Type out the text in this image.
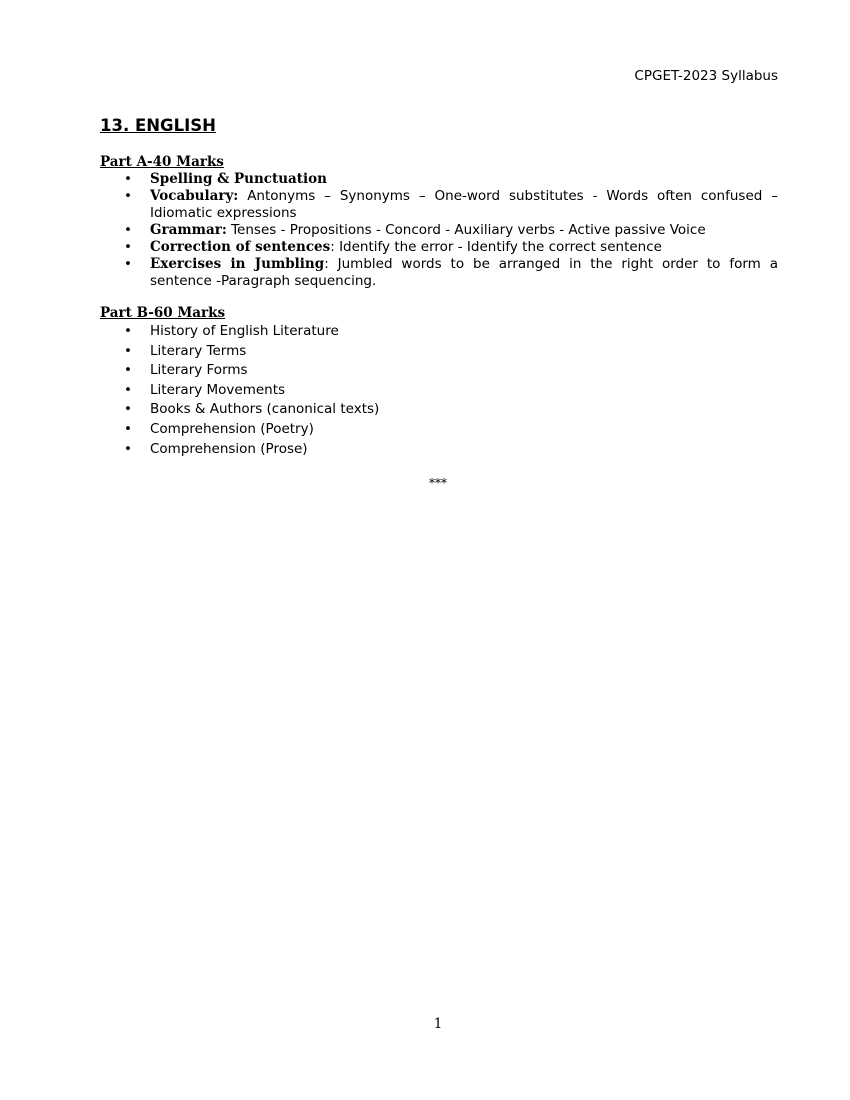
CPGET-2023 Syllabus
13. ENGLISH

Part A-40 Marks

• Spelling & Punctuation
• Vocabulary: Antonyms – Synonyms – One-word substitutes - Words often confused – Idiomatic expressions
• Grammar: Tenses - Propositions - Concord - Auxiliary verbs - Active passive Voice
• Correction of sentences: Identify the error - Identify the correct sentence
• Exercises in Jumbling: Jumbled words to be arranged in the right order to form a sentence -Paragraph sequencing.

Part B-60 Marks

• History of English Literature
• Literary Terms
• Literary Forms
• Literary Movements
• Books & Authors (canonical texts)
• Comprehension (Poetry)
• Comprehension (Prose)
***
1
